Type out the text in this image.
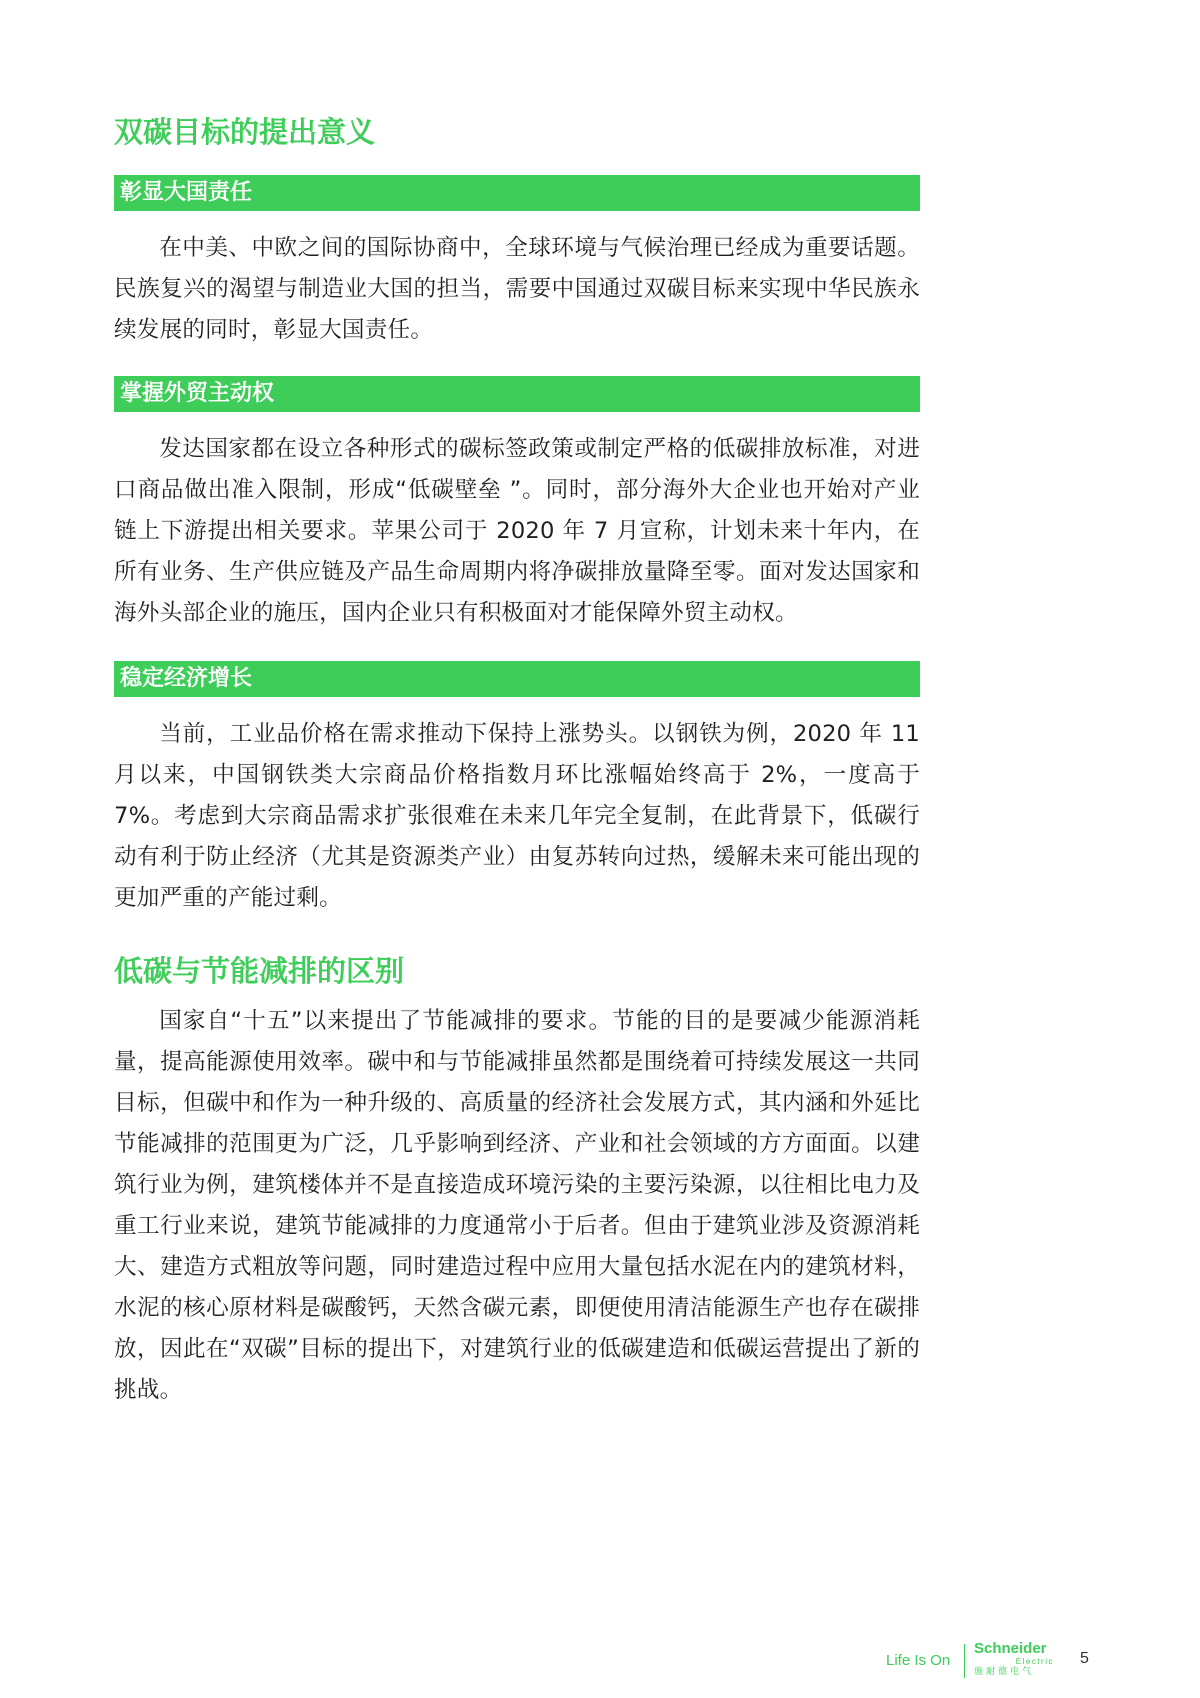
双碳目标的提出意义
彰显大国责任

在中美、中欧之间的国际协商中，全球环境与气候治理已经成为重要话题。民族复兴的渴望与制造业大国的担当，需要中国通过双碳目标来实现中华民族永续发展的同时，彰显大国责任。

掌握外贸主动权

发达国家都在设立各种形式的碳标签政策或制定严格的低碳排放标准，对进口商品做出准入限制，形成“低碳壁垒 ”。同时，部分海外大企业也开始对产业链上下游提出相关要求。苹果公司于 2020 年 7 月宣称，计划未来十年内，在所有业务、生产供应链及产品生命周期内将净碳排放量降至零。面对发达国家和海外头部企业的施压，国内企业只有积极面对才能保障外贸主动权。

稳定经济增长

当前，工业品价格在需求推动下保持上涨势头。以钢铁为例，2020 年 11 月以来，中国钢铁类大宗商品价格指数月环比涨幅始终高于 2%，一度高于 7%。考虑到大宗商品需求扩张很难在未来几年完全复制，在此背景下，低碳行动有利于防止经济（尤其是资源类产业）由复苏转向过热，缓解未来可能出现的更加严重的产能过剩。

低碳与节能减排的区别

国家自“十五”以来提出了节能减排的要求。节能的目的是要减少能源消耗量，提高能源使用效率。碳中和与节能减排虽然都是围绕着可持续发展这一共同目标，但碳中和作为一种升级的、高质量的经济社会发展方式，其内涵和外延比节能减排的范围更为广泛，几乎影响到经济、产业和社会领域的方方面面。以建筑行业为例，建筑楼体并不是直接造成环境污染的主要污染源，以往相比电力及重工行业来说，建筑节能减排的力度通常小于后者。但由于建筑业涉及资源消耗大、建造方式粗放等问题，同时建造过程中应用大量包括水泥在内的建筑材料，水泥的核心原材料是碳酸钙，天然含碳元素，即便使用清洁能源生产也存在碳排放，因此在“双碳”目标的提出下，对建筑行业的低碳建造和低碳运营提出了新的挑战。

Life Is On
Schneider
Electric
施耐德电气
5
